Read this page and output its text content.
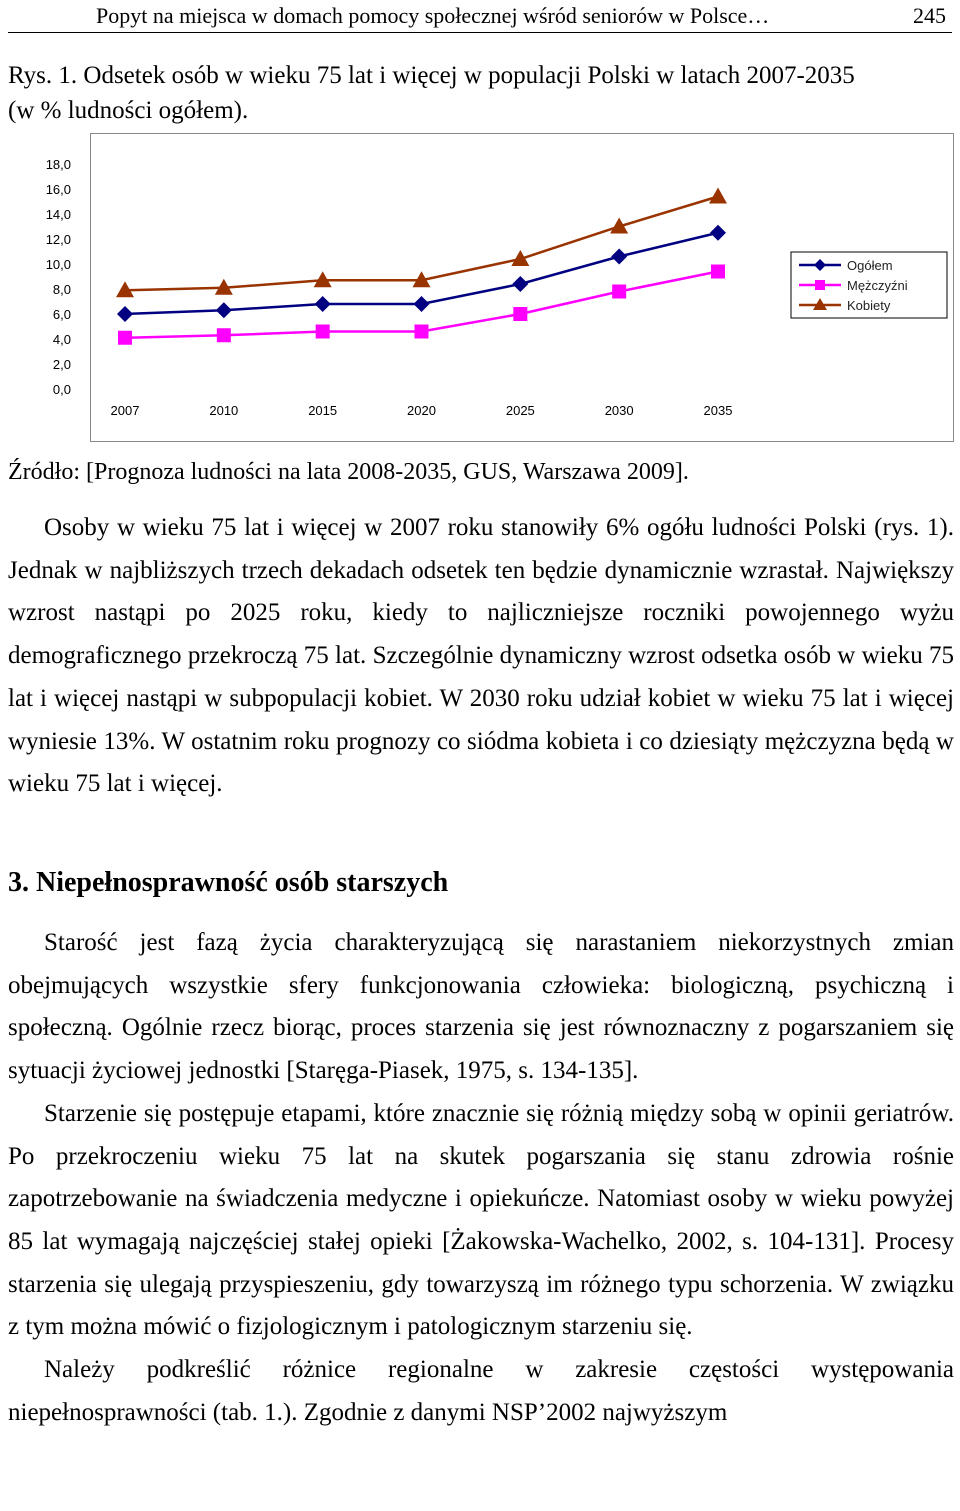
Popyt na miejsca w domach pomocy społecznej wśród seniorów w Polsce…	245
Rys. 1. Odsetek osób w wieku 75 lat i więcej w populacji Polski w latach 2007-2035 (w % ludności ogółem).
0,0
2,0
4,0
6,0
8,0
10,0
12,0
14,0
16,0
18,0
2007	2010	2015	2020	2025	2030	2035
Ogółem
Mężczyźni
Kobiety
Źródło: [Prognoza ludności na lata 2008-2035, GUS, Warszawa 2009].

Osoby w wieku 75 lat i więcej w 2007 roku stanowiły 6% ogółu ludności Polski (rys. 1). Jednak w najbliższych trzech dekadach odsetek ten będzie dynamicznie wzrastał. Największy wzrost nastąpi po 2025 roku, kiedy to najliczniejsze roczniki powojennego wyżu demograficznego przekroczą 75 lat. Szczególnie dynamiczny wzrost odsetka osób w wieku 75 lat i więcej nastąpi w subpopulacji kobiet. W 2030 roku udział kobiet w wieku 75 lat i więcej wyniesie 13%. W ostatnim roku prognozy co siódma kobieta i co dziesiąty mężczyzna będą w wieku 75 lat i więcej.

3. Niepełnosprawność osób starszych

Starość jest fazą życia charakteryzującą się narastaniem niekorzystnych zmian obejmujących wszystkie sfery funkcjonowania człowieka: biologiczną, psychiczną i społeczną. Ogólnie rzecz biorąc, proces starzenia się jest równoznaczny z pogarszaniem się sytuacji życiowej jednostki [Staręga-Piasek, 1975, s. 134-135].

Starzenie się postępuje etapami, które znacznie się różnią między sobą w opinii geriatrów. Po przekroczeniu wieku 75 lat na skutek pogarszania się stanu zdrowia rośnie zapotrzebowanie na świadczenia medyczne i opiekuńcze. Natomiast osoby w wieku powyżej 85 lat wymagają najczęściej stałej opieki [Żakowska-Wachelko, 2002, s. 104-131]. Procesy starzenia się ulegają przyspieszeniu, gdy towarzyszą im różnego typu schorzenia. W związku z tym można mówić o fizjologicznym i patologicznym starzeniu się.

Należy podkreślić różnice regionalne w zakresie częstości występowania niepełnosprawności (tab. 1.). Zgodnie z danymi NSP’2002 najwyższym
